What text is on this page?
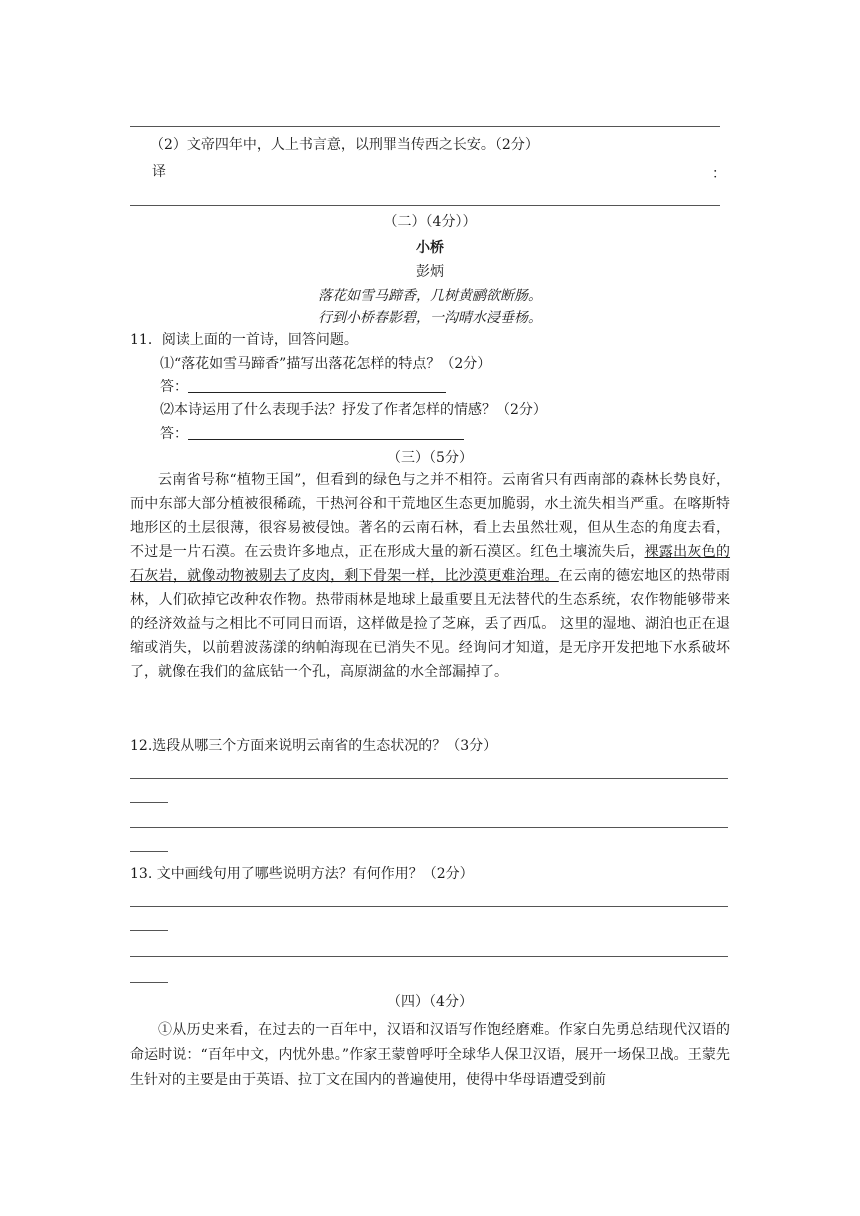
（2）文帝四年中，人上书言意，以刑罪当传西之长安。（2分）
译	：
（二）（4分））
小桥
彭炳
落花如雪马蹄香，几树黄鹂欲断肠。
行到小桥春影碧，一沟晴水浸垂杨。
11．阅读上面的一首诗，回答问题。
⑴“落花如雪马蹄香”描写出落花怎样的特点？（2分）
答：
⑵本诗运用了什么表现手法？抒发了作者怎样的情感？（2分）
答：
（三）（5分）
云南省号称“植物王国”，但看到的绿色与之并不相符。云南省只有西南部的森林长势良好，而中东部大部分植被很稀疏，干热河谷和干荒地区生态更加脆弱，水土流失相当严重。在喀斯特地形区的土层很薄，很容易被侵蚀。著名的云南石林，看上去虽然壮观，但从生态的角度去看，不过是一片石漠。在云贵许多地点，正在形成大量的新石漠区。红色土壤流失后，裸露出灰色的石灰岩，就像动物被剔去了皮肉，剩下骨架一样，比沙漠更难治理。在云南的德宏地区的热带雨林，人们砍掉它改种农作物。热带雨林是地球上最重要且无法替代的生态系统，农作物能够带来的经济效益与之相比不可同日而语，这样做是捡了芝麻，丢了西瓜。 这里的湿地、湖泊也正在退缩或消失，以前碧波荡漾的纳帕海现在已消失不见。经询问才知道，是无序开发把地下水系破坏了，就像在我们的盆底钻一个孔，高原湖盆的水全部漏掉了。
12.选段从哪三个方面来说明云南省的生态状况的？（3分）
13. 文中画线句用了哪些说明方法？有何作用？（2分）
（四）（4分）
①从历史来看，在过去的一百年中，汉语和汉语写作饱经磨难。作家白先勇总结现代汉语的命运时说：“百年中文，内忧外患。”作家王蒙曾呼吁全球华人保卫汉语，展开一场保卫战。王蒙先生针对的主要是由于英语、拉丁文在国内的普遍使用，使得中华母语遭受到前
